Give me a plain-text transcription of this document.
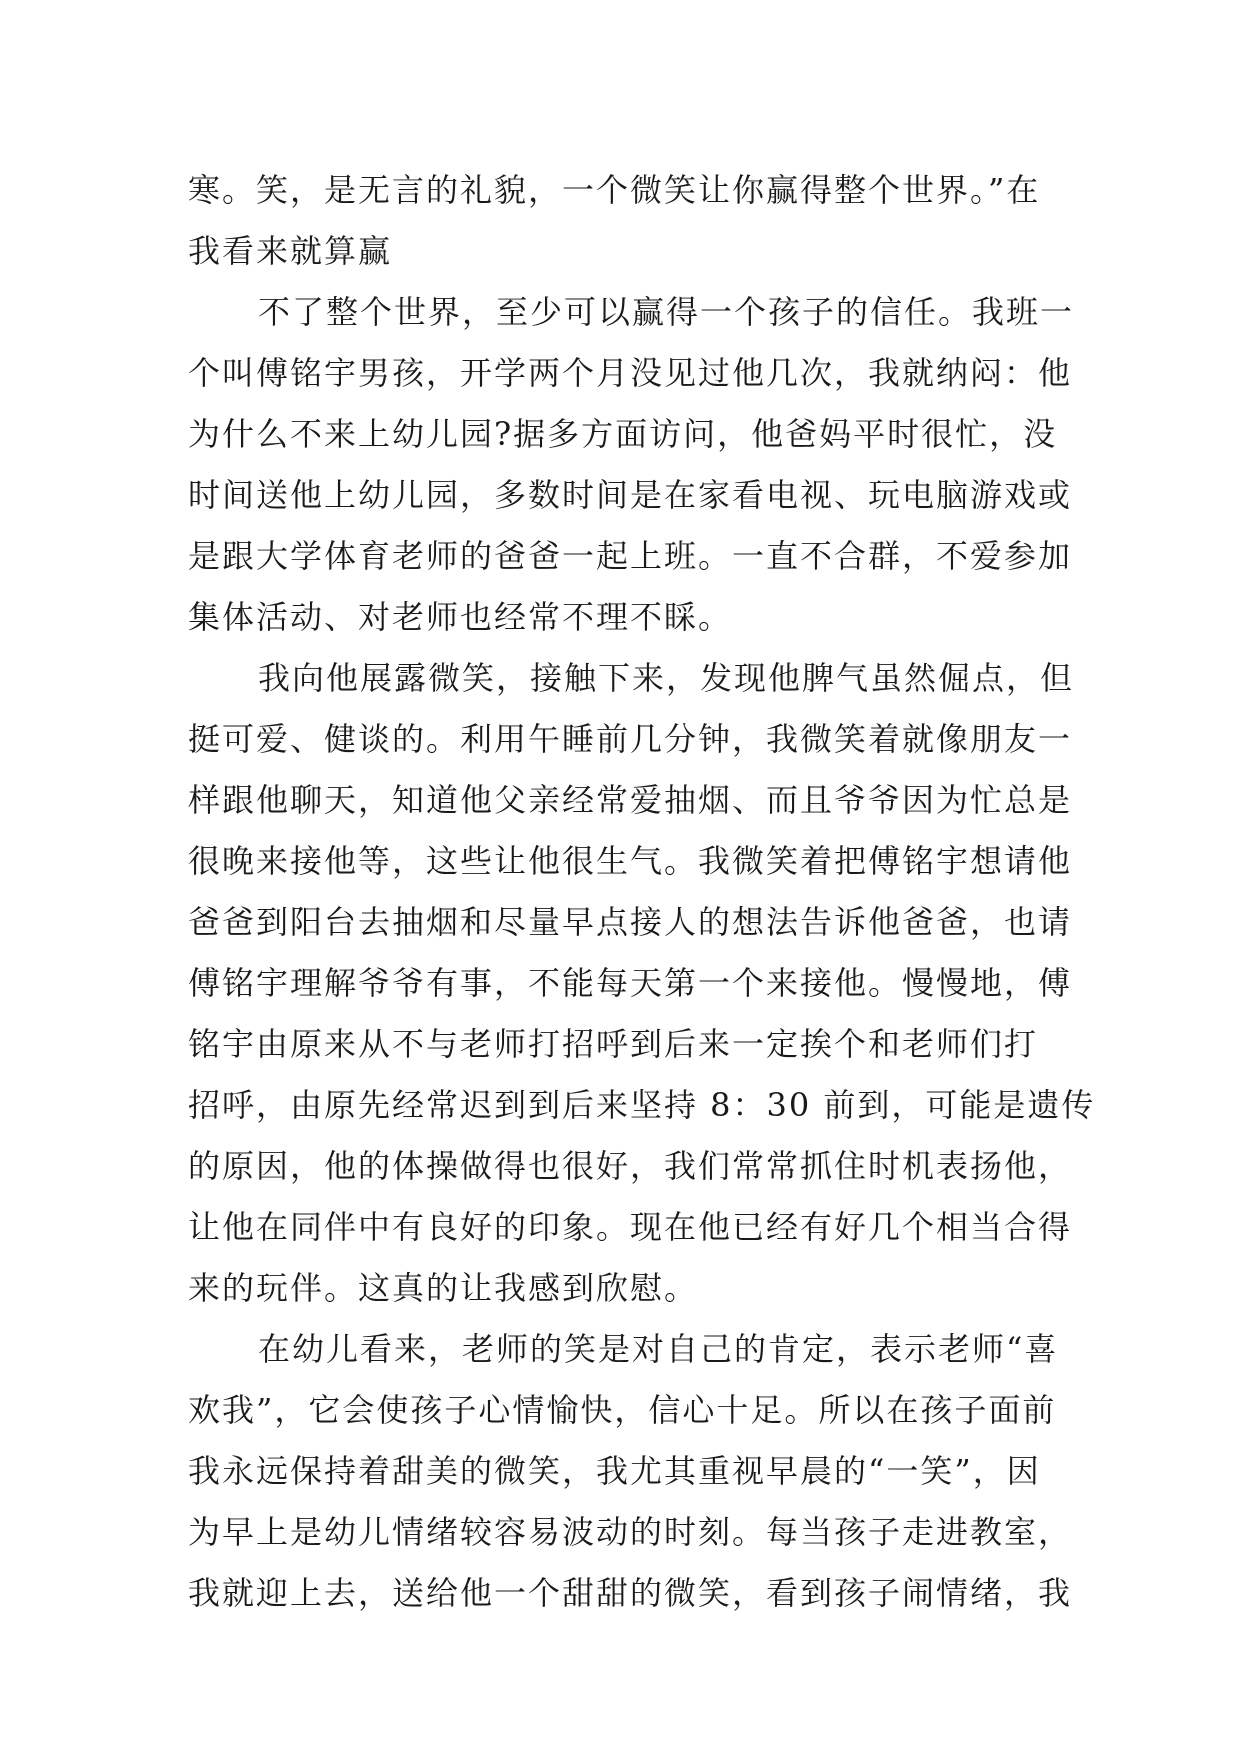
寒。笑，是无言的礼貌，一个微笑让你赢得整个世界。”在
我看来就算赢
不了整个世界，至少可以赢得一个孩子的信任。我班一
个叫傅铭宇男孩，开学两个月没见过他几次，我就纳闷：他
为什么不来上幼儿园?据多方面访问，他爸妈平时很忙，没
时间送他上幼儿园，多数时间是在家看电视、玩电脑游戏或
是跟大学体育老师的爸爸一起上班。一直不合群，不爱参加
集体活动、对老师也经常不理不睬。
我向他展露微笑，接触下来，发现他脾气虽然倔点，但
挺可爱、健谈的。利用午睡前几分钟，我微笑着就像朋友一
样跟他聊天，知道他父亲经常爱抽烟、而且爷爷因为忙总是
很晚来接他等，这些让他很生气。我微笑着把傅铭宇想请他
爸爸到阳台去抽烟和尽量早点接人的想法告诉他爸爸，也请
傅铭宇理解爷爷有事，不能每天第一个来接他。慢慢地，傅
铭宇由原来从不与老师打招呼到后来一定挨个和老师们打
招呼，由原先经常迟到到后来坚持 8：30 前到，可能是遗传
的原因，他的体操做得也很好，我们常常抓住时机表扬他，
让他在同伴中有良好的印象。现在他已经有好几个相当合得
来的玩伴。这真的让我感到欣慰。
在幼儿看来，老师的笑是对自己的肯定，表示老师“喜
欢我”，它会使孩子心情愉快，信心十足。所以在孩子面前
我永远保持着甜美的微笑，我尤其重视早晨的“一笑”，因
为早上是幼儿情绪较容易波动的时刻。每当孩子走进教室，
我就迎上去，送给他一个甜甜的微笑，看到孩子闹情绪，我
